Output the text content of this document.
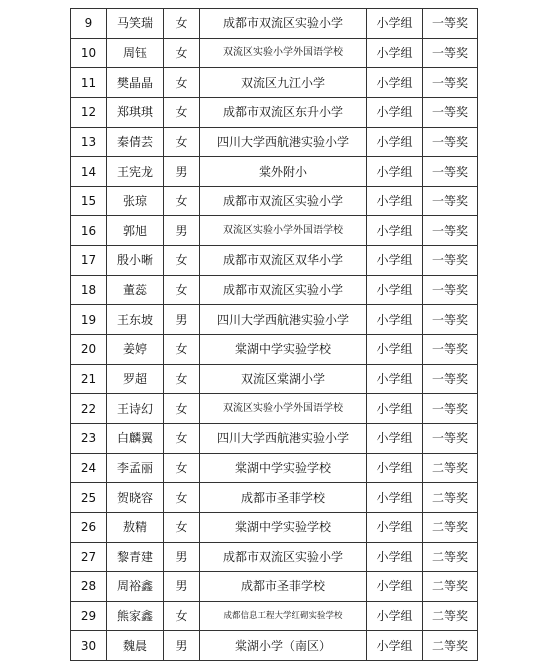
9	马笑瑞	女	成都市双流区实验小学	小学组	一等奖
10	周钰	女	双流区实验小学外国语学校	小学组	一等奖
11	樊晶晶	女	双流区九江小学	小学组	一等奖
12	郑琪琪	女	成都市双流区东升小学	小学组	一等奖
13	秦倩芸	女	四川大学西航港实验小学	小学组	一等奖
14	王宪龙	男	棠外附小	小学组	一等奖
15	张琼	女	成都市双流区实验小学	小学组	一等奖
16	郭旭	男	双流区实验小学外国语学校	小学组	一等奖
17	殷小晰	女	成都市双流区双华小学	小学组	一等奖
18	董蕊	女	成都市双流区实验小学	小学组	一等奖
19	王东坡	男	四川大学西航港实验小学	小学组	一等奖
20	姜婷	女	棠湖中学实验学校	小学组	一等奖
21	罗超	女	双流区棠湖小学	小学组	一等奖
22	王诗幻	女	双流区实验小学外国语学校	小学组	一等奖
23	白麟翼	女	四川大学西航港实验小学	小学组	一等奖
24	李孟丽	女	棠湖中学实验学校	小学组	二等奖
25	贺晓容	女	成都市圣菲学校	小学组	二等奖
26	敖精	女	棠湖中学实验学校	小学组	二等奖
27	黎青建	男	成都市双流区实验小学	小学组	二等奖
28	周裕鑫	男	成都市圣菲学校	小学组	二等奖
29	熊家鑫	女	成都信息工程大学红砌实验学校	小学组	二等奖
30	魏晨	男	棠湖小学（南区）	小学组	二等奖
